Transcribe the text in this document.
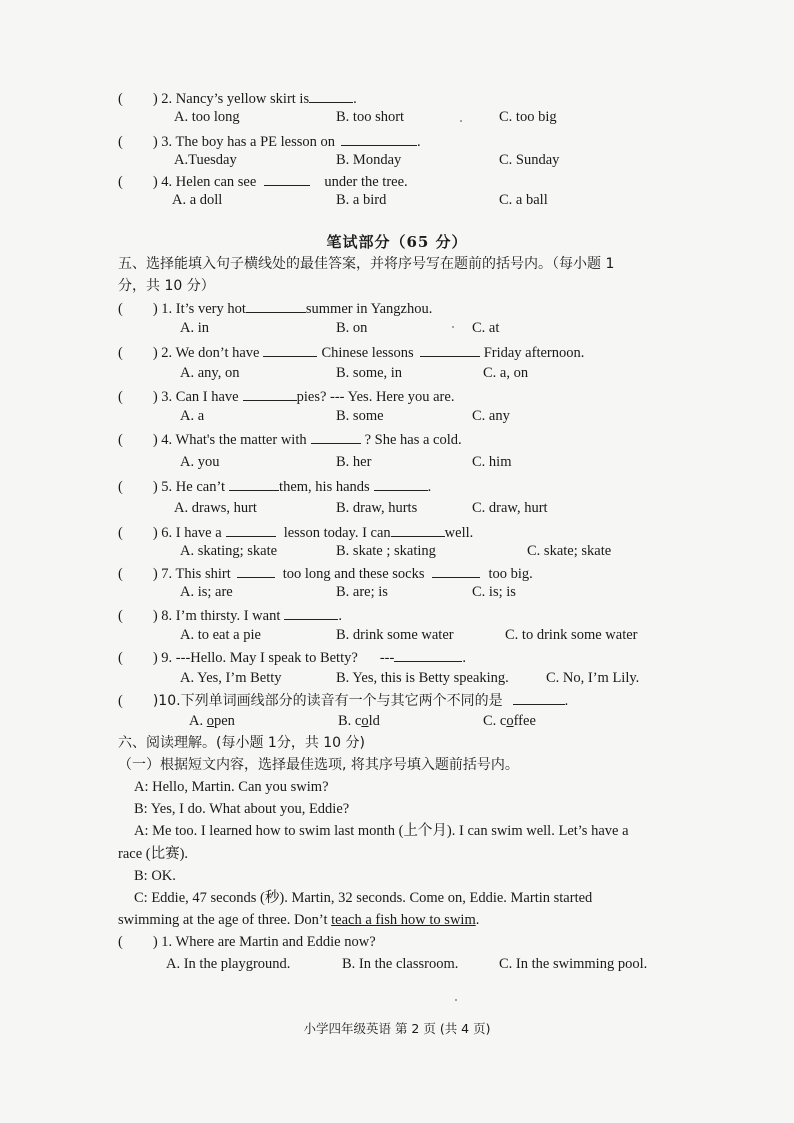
( ) 2. Nancy’s yellow skirt is	.
A. too long	B. too short	C. too big
( ) 3. The boy has a PE lesson on	.
A.Tuesday	B. Monday	C. Sunday
( ) 4. Helen can see	under the tree.
A. a doll	B. a bird	C. a ball
笔试部分（65 分）
五、选择能填入句子横线处的最佳答案，并将序号写在题前的括号内。（每小题 1
分，共 10 分）
( ) 1. It’s very hot	summer in Yangzhou.
A. in	B. on	C. at
( ) 2. We don’t have	Chinese lessons	Friday afternoon.
A. any, on	B. some, in	C. a, on
( ) 3. Can I have	pies? --- Yes. Here you are.
A. a	B. some	C. any
( ) 4. What's the matter with	? She has a cold.
A. you	B. her	C. him
( ) 5. He can’t	them, his hands	.
A. draws, hurt	B. draw, hurts	C. draw, hurt
( ) 6. I have a	lesson today. I can	well.
A. skating; skate	B. skate ; skating	C. skate; skate
( ) 7. This shirt	too long and these socks	too big.
A. is; are	B. are; is	C. is; is
( ) 8. I’m thirsty. I want	.
A. to eat a pie	B. drink some water	C. to drink some water
( ) 9. ---Hello. May I speak to Betty? ---	.
A. Yes, I’m Betty	B. Yes, this is Betty speaking.	C. No, I’m Lily.
( )10.下列单词画线部分的读音有一个与其它两个不同的是	.
A. open	B. cold	C. coffee
六、阅读理解。(每小题 1分，共 10 分)
（一）根据短文内容，选择最佳选项, 将其序号填入题前括号内。
A: Hello, Martin. Can you swim?
B: Yes, I do. What about you, Eddie?
A: Me too. I learned how to swim last month (上个月). I can swim well. Let’s have a
race (比赛).
B: OK.
C: Eddie, 47 seconds (秒). Martin, 32 seconds. Come on, Eddie. Martin started
swimming at the age of three. Don’t teach a fish how to swim.
( ) 1. Where are Martin and Eddie now?
A. In the playground.	B. In the classroom.	C. In the swimming pool.
小学四年级英语 第 2 页 (共 4 页)
